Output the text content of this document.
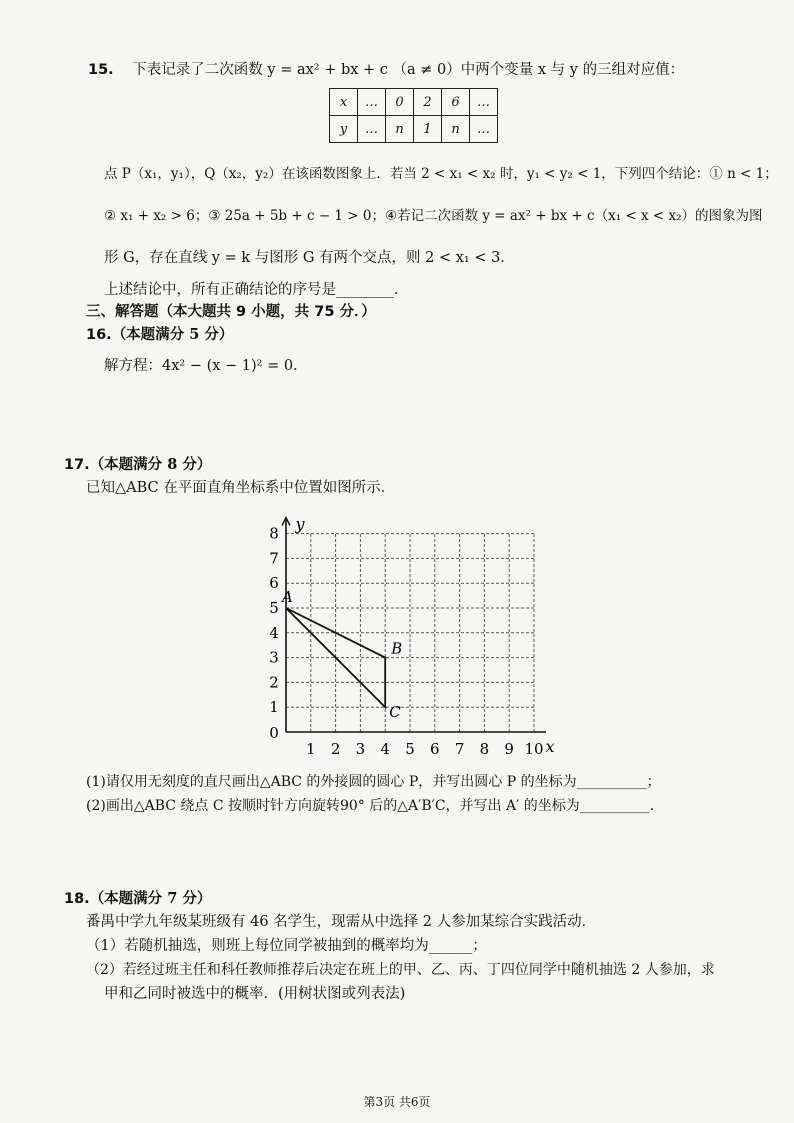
15. 下表记录了二次函数 y = ax² + bx + c （a ≠ 0）中两个变量 x 与 y 的三组对应值：
x	…	0	2	6	…
y	…	n	1	n	…
点 P（x₁，y₁），Q（x₂，y₂）在该函数图象上．若当 2 < x₁ < x₂ 时，y₁ < y₂ < 1，下列四个结论：① n < 1；
② x₁ + x₂ > 6；③ 25a + 5b + c − 1 > 0；④若记二次函数 y = ax² + bx + c（x₁ < x < x₂）的图象为图
形 G，存在直线 y = k 与图形 G 有两个交点，则 2 < x₁ < 3．
上述结论中，所有正确结论的序号是________．
三、解答题（本大题共 9 小题，共 75 分．）
16.（本题满分 5 分）
解方程：4x² − (x − 1)² = 0．
17.（本题满分 8 分）
已知△ABC 在平面直角坐标系中位置如图所示．
1 2 3 4 5 6 7 8 9 10
1
2
3
4
5
6
7
8
0
x
y
A
B
C
(1)请仅用无刻度的直尺画出△ABC 的外接圆的圆心 P，并写出圆心 P 的坐标为__________；
(2)画出△ABC 绕点 C 按顺时针方向旋转90° 后的△A′B′C，并写出 A′ 的坐标为__________．
18.（本题满分 7 分）
番禺中学九年级某班级有 46 名学生，现需从中选择 2 人参加某综合实践活动．
（1）若随机抽选，则班上每位同学被抽到的概率均为______；
（2）若经过班主任和科任教师推荐后决定在班上的甲、乙、丙、丁四位同学中随机抽选 2 人参加，求
甲和乙同时被选中的概率．(用树状图或列表法)
第3页 共6页
